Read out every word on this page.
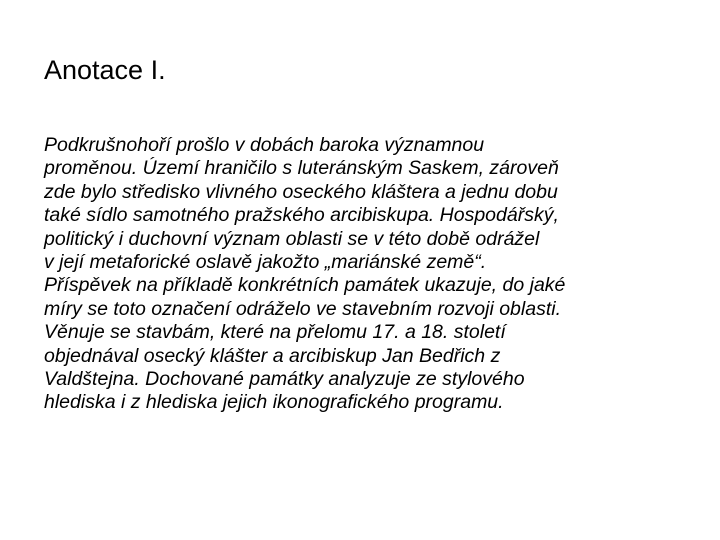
Anotace I.

Podkrušnohoří prošlo v dobách baroka významnou
proměnou. Území hraničilo s luteránským Saskem, zároveň
zde bylo středisko vlivného oseckého kláštera a jednu dobu
také sídlo samotného pražského arcibiskupa. Hospodářský,
politický i duchovní význam oblasti se v této době odrážel
v její metaforické oslavě jakožto „mariánské země“.
Příspěvek na příkladě konkrétních památek ukazuje, do jaké
míry se toto označení odráželo ve stavebním rozvoji oblasti.
Věnuje se stavbám, které na přelomu 17. a 18. století
objednával osecký klášter a arcibiskup Jan Bedřich z
Valdštejna. Dochované památky analyzuje ze stylového
hlediska i z hlediska jejich ikonografického programu.
